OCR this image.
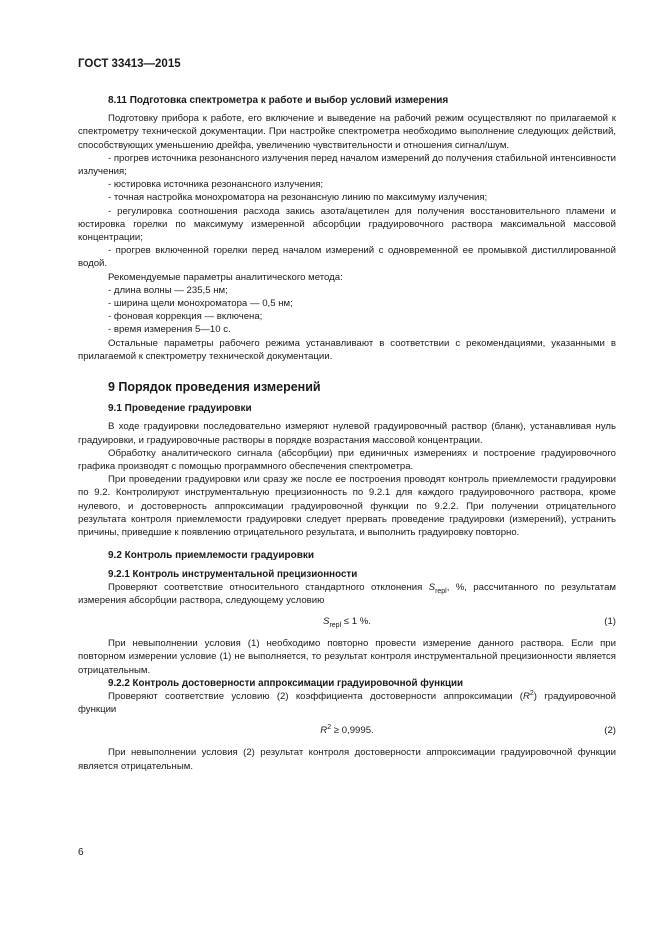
ГОСТ 33413—2015

8.11 Подготовка спектрометра к работе и выбор условий измерения

Подготовку прибора к работе, его включение и выведение на рабочий режим осуществляют по прилагаемой к спектрометру технической документации. При настройке спектрометра необходимо выполнение следующих действий, способствующих уменьшению дрейфа, увеличению чувствительности и отношения сигнал/шум.

- прогрев источника резонансного излучения перед началом измерений до получения стабильной интенсивности излучения;

- юстировка источника резонансного излучения;

- точная настройка монохроматора на резонансную линию по максимуму излучения;

- регулировка соотношения расхода закись азота/ацетилен для получения восстановительного пламени и юстировка горелки по максимуму измеренной абсорбции градуировочного раствора максимальной массовой концентрации;

- прогрев включенной горелки перед началом измерений с одновременной ее промывкой дистиллированной водой.

Рекомендуемые параметры аналитического метода:

- длина волны — 235,5 нм;

- ширина щели монохроматора — 0,5 нм;

- фоновая коррекция — включена;

- время измерения 5—10 с.

Остальные параметры рабочего режима устанавливают в соответствии с рекомендациями, указанными в прилагаемой к спектрометру технической документации.

9 Порядок проведения измерений

9.1 Проведение градуировки

В ходе градуировки последовательно измеряют нулевой градуировочный раствор (бланк), устанавливая нуль градуировки, и градуировочные растворы в порядке возрастания массовой концентрации.

Обработку аналитического сигнала (абсорбции) при единичных измерениях и построение градуировочного графика производят с помощью программного обеспечения спектрометра.

При проведении градуировки или сразу же после ее построения проводят контроль приемлемости градуировки по 9.2. Контролируют инструментальную прецизионность по 9.2.1 для каждого градуировочного раствора, кроме нулевого, и достоверность аппроксимации градуировочной функции по 9.2.2. При получении отрицательного результата контроля приемлемости градуировки следует прервать проведение градуировки (измерений), устранить причины, приведшие к появлению отрицательного результата, и выполнить градуировку повторно.

9.2 Контроль приемлемости градуировки

9.2.1 Контроль инструментальной прецизионности

Проверяют соответствие относительного стандартного отклонения $S_{repl}$, %, рассчитанного по результатам измерения абсорбции раствора, следующему условию

$S_{repl} \le 1$ %.	(1)

При невыполнении условия (1) необходимо повторно провести измерение данного раствора. Если при повторном измерении условие (1) не выполняется, то результат контроля инструментальной прецизионности является отрицательным.

9.2.2 Контроль достоверности аппроксимации градуировочной функции

Проверяют соответствие условию (2) коэффициента достоверности аппроксимации $(R^2)$ градуировочной функции

$R^2 \ge 0,9995$.	(2)

При невыполнении условия (2) результат контроля достоверности аппроксимации градуировочной функции является отрицательным.

6
